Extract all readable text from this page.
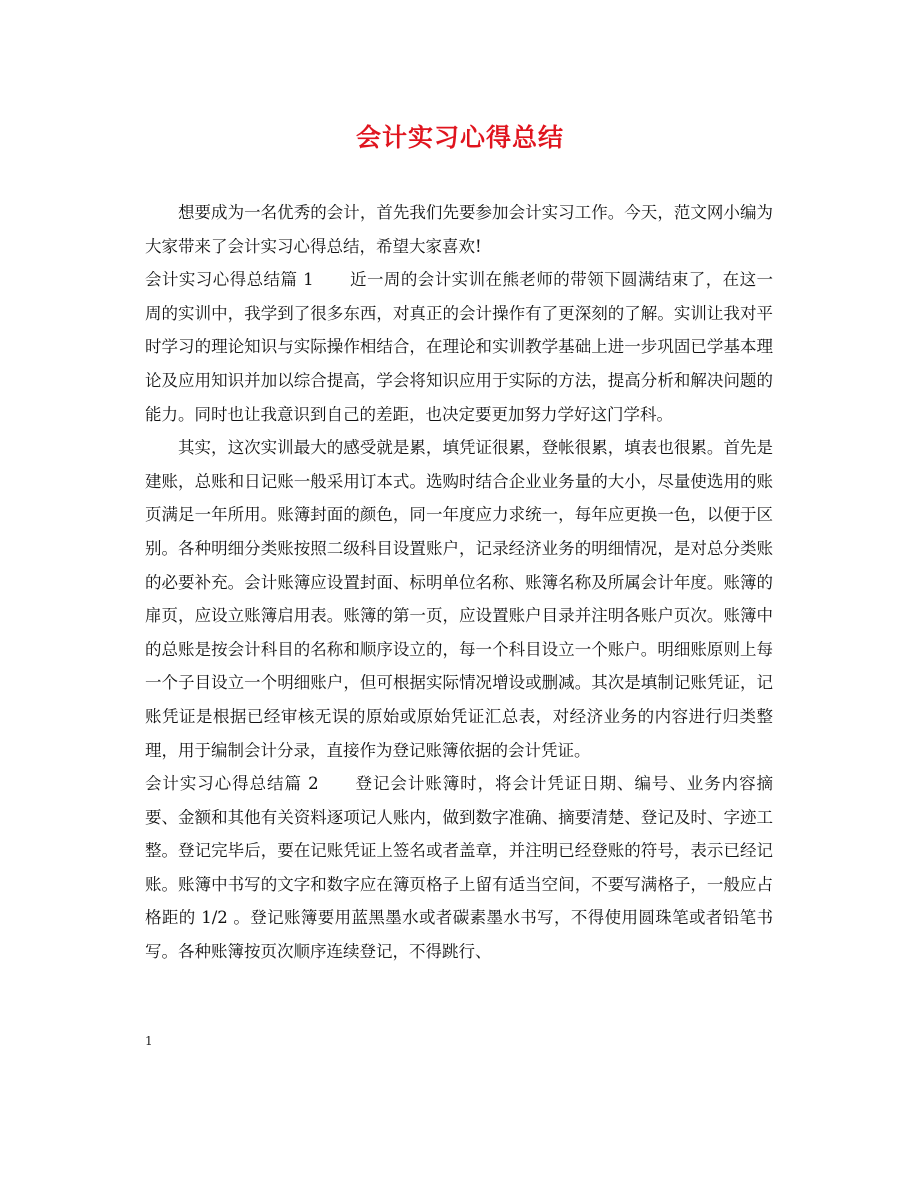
会计实习心得总结

想要成为一名优秀的会计，首先我们先要参加会计实习工作。今天，范文网小编为大家带来了会计实习心得总结，希望大家喜欢!

会计实习心得总结篇 1 近一周的会计实训在熊老师的带领下圆满结束了，在这一周的实训中，我学到了很多东西，对真正的会计操作有了更深刻的了解。实训让我对平时学习的理论知识与实际操作相结合，在理论和实训教学基础上进一步巩固已学基本理论及应用知识并加以综合提高，学会将知识应用于实际的方法，提高分析和解决问题的能力。同时也让我意识到自己的差距，也决定要更加努力学好这门学科。

其实，这次实训最大的感受就是累，填凭证很累，登帐很累，填表也很累。首先是建账，总账和日记账一般采用订本式。选购时结合企业业务量的大小，尽量使选用的账页满足一年所用。账簿封面的颜色，同一年度应力求统一，每年应更换一色，以便于区别。各种明细分类账按照二级科目设置账户，记录经济业务的明细情况，是对总分类账的必要补充。会计账簿应设置封面、标明单位名称、账簿名称及所属会计年度。账簿的扉页，应设立账簿启用表。账簿的第一页，应设置账户目录并注明各账户页次。账簿中的总账是按会计科目的名称和顺序设立的，每一个科目设立一个账户。明细账原则上每一个子目设立一个明细账户，但可根据实际情况增设或删减。其次是填制记账凭证，记账凭证是根据已经审核无误的原始或原始凭证汇总表，对经济业务的内容进行归类整理，用于编制会计分录，直接作为登记账簿依据的会计凭证。

会计实习心得总结篇 2 登记会计账簿时，将会计凭证日期、编号、业务内容摘要、金额和其他有关资料逐项记人账内，做到数字准确、摘要清楚、登记及时、字迹工整。登记完毕后，要在记账凭证上签名或者盖章，并注明已经登账的符号，表示已经记账。账簿中书写的文字和数字应在簿页格子上留有适当空间，不要写满格子，一般应占格距的 1/2 。登记账簿要用蓝黑墨水或者碳素墨水书写，不得使用圆珠笔或者铅笔书写。各种账簿按页次顺序连续登记，不得跳行、

1
